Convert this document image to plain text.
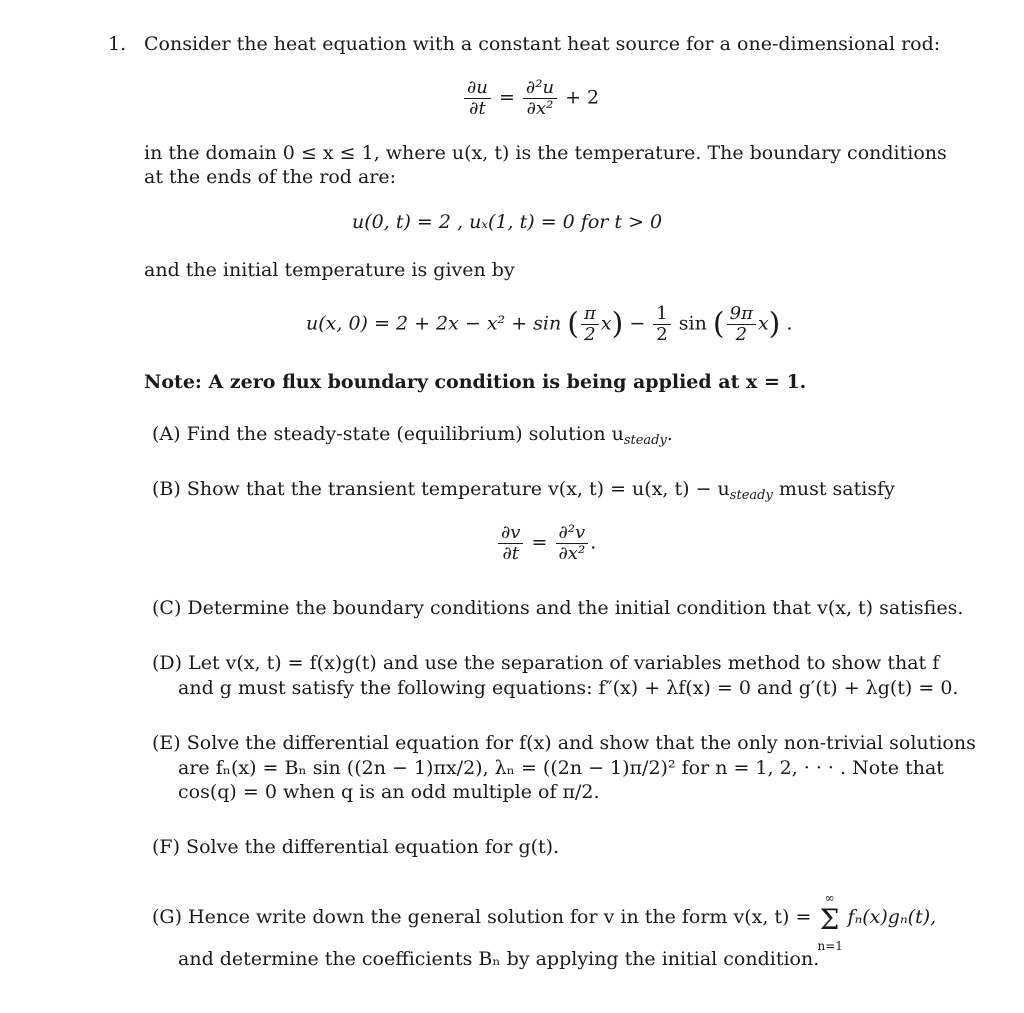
1. Consider the heat equation with a constant heat source for a one-dimensional rod:
$\frac{\partial u}{\partial t} = \frac{\text{∂²u}}{\text{∂x²}} + 2$
in the domain 0 ≤ x ≤ 1, where u(x, t) is the temperature. The boundary conditions
at the ends of the rod are:
u(0, t) = 2 , uₓ(1, t) = 0 for t > 0
and the initial temperature is given by
u(x, 0) = 2 + 2x − x² + sin ( $\frac{\pi}{2} x) - \frac{1}{2}$ sin ( $\frac{9\pi}{2} x$) .
Note: A zero flux boundary condition is being applied at x = 1.
(A) Find the steady-state (equilibrium) solution $u_{steady}$.
(B) Show that the transient temperature v(x, t) = u(x, $t) - u_{steady}$ must satisfy
$\frac{\partial v}{\partial t} = \frac{\text{∂²v}}{\text{∂x²}}$ .
(C) Determine the boundary conditions and the initial condition that v(x, t) satisfies.
(D) Let v(x, t) = f(x)g(t) and use the separation of variables method to show that f
and g must satisfy the following equations: f″(x) + λf(x) = 0 and g′(t) + λg(t) = 0.
(E) Solve the differential equation for f(x) and show that the only non-trivial solutions
are fₙ(x) = Bₙ sin ((2n − 1)πx/2), λₙ = ((2n − 1)π/2)² for n = 1, 2, · · · . Note that
cos(q) = 0 when q is an odd multiple of π/2.
(F) Solve the differential equation for g(t).
(G) Hence write down the general solution for v in the form v(x, t) =
∞
Σ
n=1
fₙ(x)gₙ(t),
and determine the coefficients Bₙ by applying the initial condition.
